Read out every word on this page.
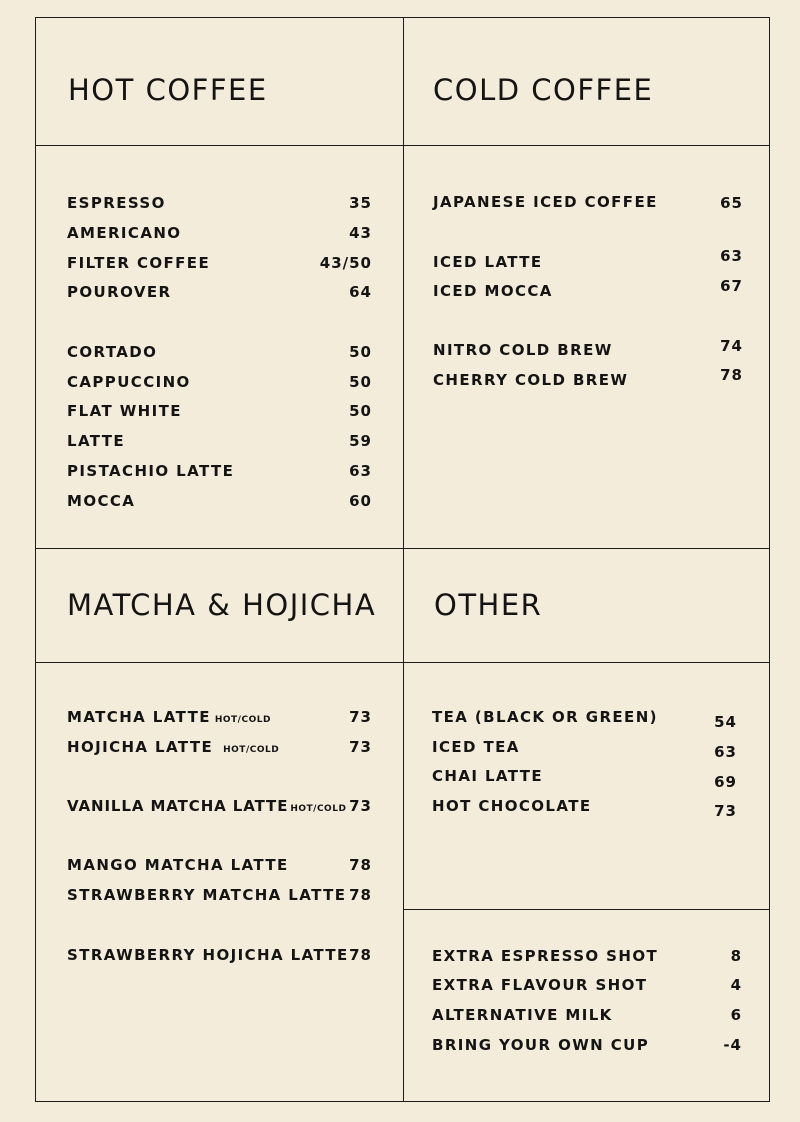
HOT COFFEE
ESPRESSO	35
AMERICANO	43
FILTER COFFEE	43/50
POUROVER	64
CORTADO	50
CAPPUCCINO	50
FLAT WHITE	50
LATTE	59
PISTACHIO LATTE	63
MOCCA	60
COLD COFFEE
JAPANESE ICED COFFEE	65
ICED LATTE	63
ICED MOCCA	67
NITRO COLD BREW	74
CHERRY COLD BREW	78
MATCHA & HOJICHA
MATCHA LATTE HOT/COLD	73
HOJICHA LATTE HOT/COLD	73
VANILLA MATCHA LATTE HOT/COLD 73
MANGO MATCHA LATTE	78
STRAWBERRY MATCHA LATTE 78
STRAWBERRY HOJICHA LATTE 78
OTHER
TEA (BLACK OR GREEN)	54
ICED TEA	63
CHAI LATTE	69
HOT CHOCOLATE	73
EXTRA ESPRESSO SHOT	8
EXTRA FLAVOUR SHOT	4
ALTERNATIVE MILK	6
BRING YOUR OWN CUP	-4
